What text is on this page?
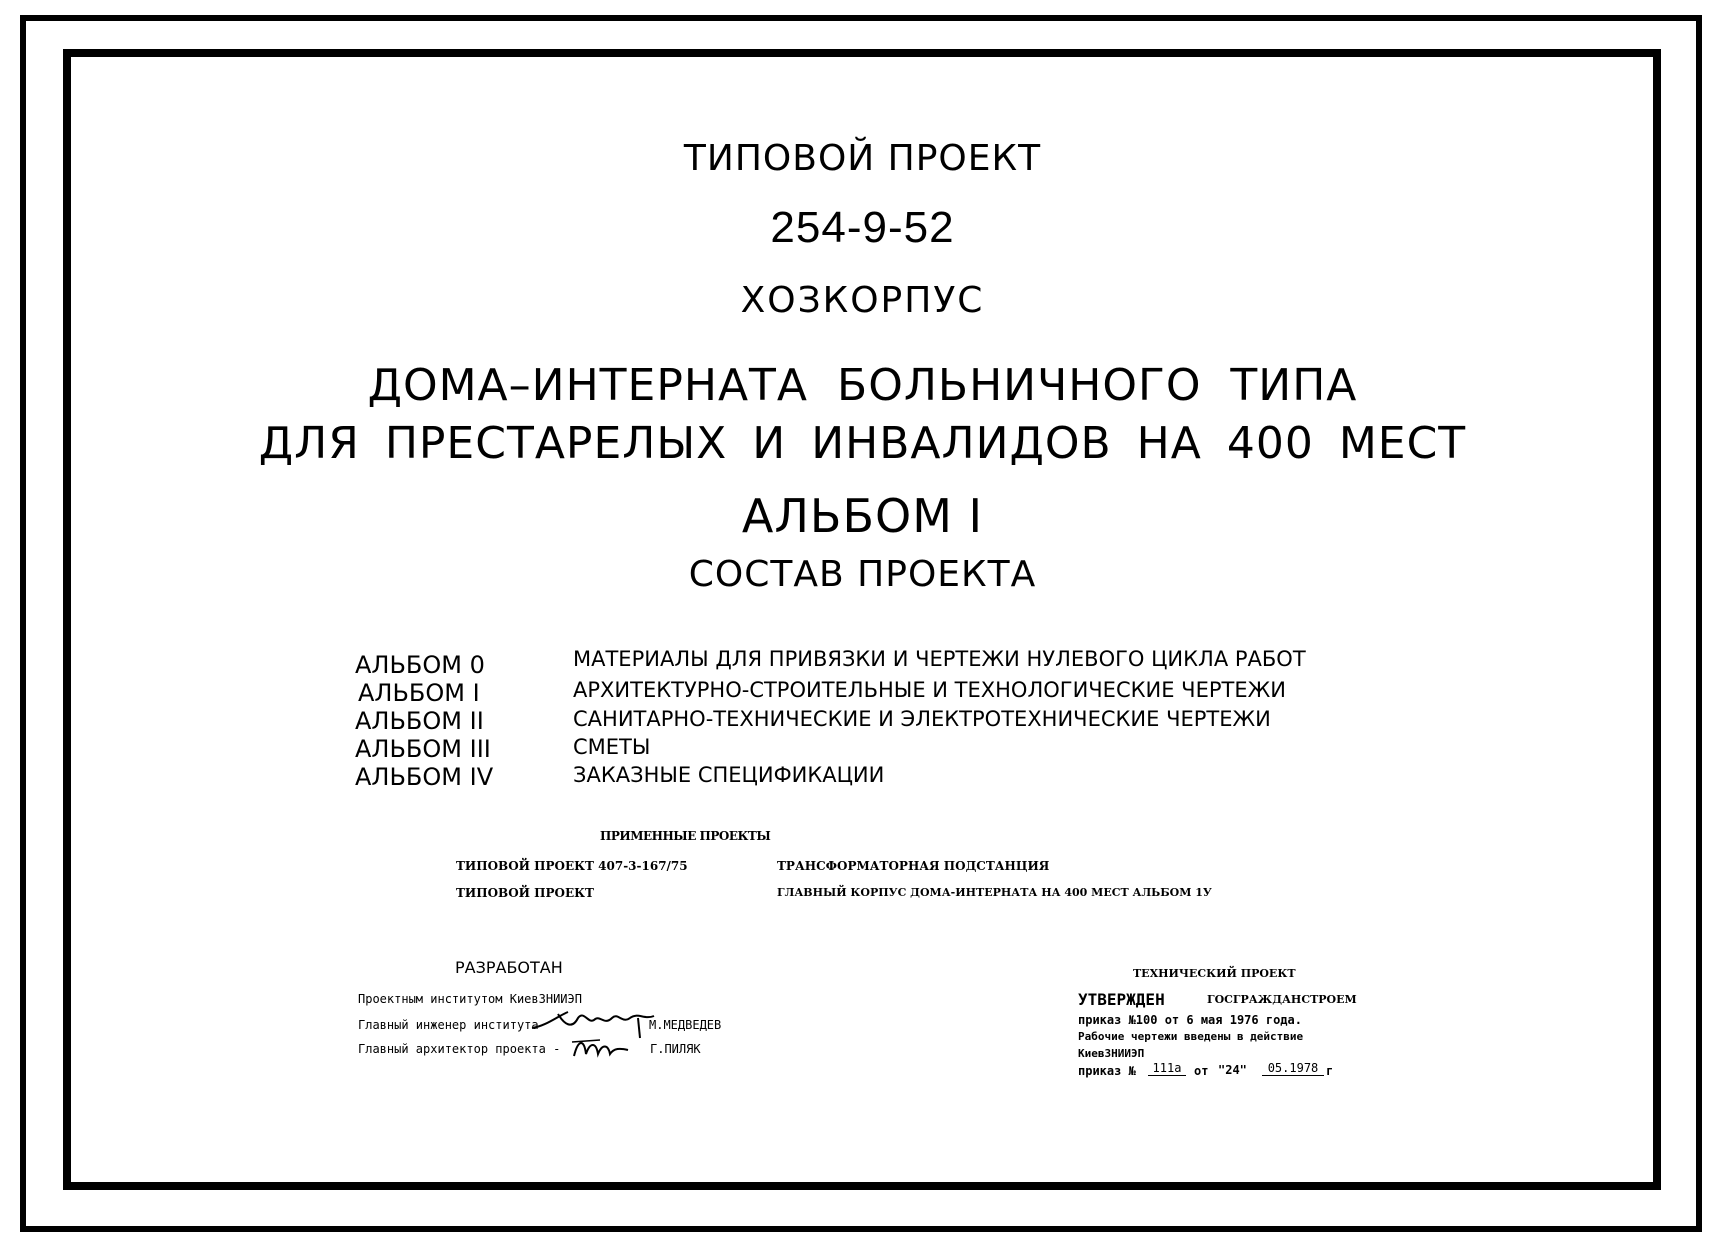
ТИПОВОЙ ПРОЕКТ
254-9-52
ХОЗКОРПУС
ДОМА–ИНТЕРНАТА БОЛЬНИЧНОГО ТИПА
ДЛЯ ПРЕСТАРЕЛЫХ И ИНВАЛИДОВ НА 400 МЕСТ
АЛЬБОМ I
СОСТАВ ПРОЕКТА
АЛЬБОМ 0	МАТЕРИАЛЫ ДЛЯ ПРИВЯЗКИ И ЧЕРТЕЖИ НУЛЕВОГО ЦИКЛА РАБОТ
АЛЬБОМ I	АРХИТЕКТУРНО-СТРОИТЕЛЬНЫЕ И ТЕХНОЛОГИЧЕСКИЕ ЧЕРТЕЖИ
АЛЬБОМ II	САНИТАРНО-ТЕХНИЧЕСКИЕ И ЭЛЕКТРОТЕХНИЧЕСКИЕ ЧЕРТЕЖИ
АЛЬБОМ III	СМЕТЫ
АЛЬБОМ IV	ЗАКАЗНЫЕ СПЕЦИФИКАЦИИ
ПРИМЕННЫЕ ПРОЕКТЫ
ТИПОВОЙ ПРОЕКТ 407-3-167/75	ТРАНСФОРМАТОРНАЯ ПОДСТАНЦИЯ
ТИПОВОЙ ПРОЕКТ	ГЛАВНЫЙ КОРПУС ДОМА-ИНТЕРНАТА НА 400 МЕСТ АЛЬБОМ 1У
РАЗРАБОТАН
Проектным институтом КиевЗНИИЭП
Главный инженер института	М.МЕДВЕДЕВ
Главный архитектор проекта -	Г.ПИЛЯК
ТЕХНИЧЕСКИЙ ПРОЕКТ
УТВЕРЖДЕН	ГОСГРАЖДАНСТРОЕМ
приказ №100 от 6 мая 1976 года.
Рабочие чертежи введены в действие
КиевЗНИИЭП
приказ №	111а	от "24"	05.1978 г
